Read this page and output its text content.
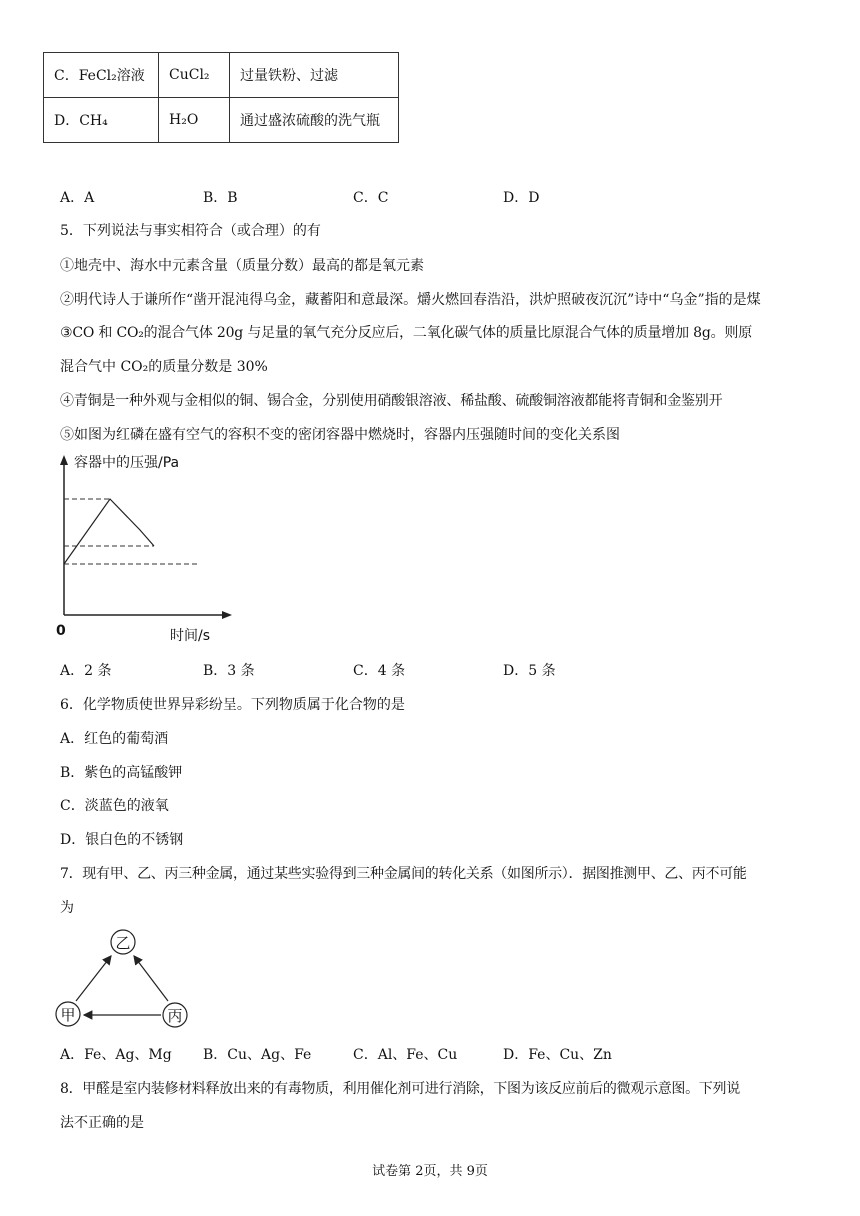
C．FeCl₂溶液	CuCl₂	过量铁粉、过滤
D．CH₄	H₂O	通过盛浓硫酸的洗气瓶
A．A	B．B	C．C	D．D
5．下列说法与事实相符合（或合理）的有
①地壳中、海水中元素含量（质量分数）最高的都是氧元素
②明代诗人于谦所作“凿开混沌得乌金，藏蓄阳和意最深。爝火燃回春浩沿，洪炉照破夜沉沉”诗中“乌金”指的是煤
③CO 和 CO₂的混合气体 20g 与足量的氧气充分反应后，二氧化碳气体的质量比原混合气体的质量增加 8g。则原
混合气中 CO₂的质量分数是 30%
④青铜是一种外观与金相似的铜、锡合金，分别使用硝酸银溶液、稀盐酸、硫酸铜溶液都能将青铜和金鉴别开
⑤如图为红磷在盛有空气的容积不变的密闭容器中燃烧时，容器内压强随时间的变化关系图
容器中的压强/Pa
时间/s
0
A．2 条	B．3 条	C．4 条	D．5 条
6．化学物质使世界异彩纷呈。下列物质属于化合物的是
A．红色的葡萄酒
B．紫色的高锰酸钾
C．淡蓝色的液氧
D．银白色的不锈钢
7．现有甲、乙、丙三种金属，通过某些实验得到三种金属间的转化关系（如图所示）．据图推测甲、乙、丙不可能
为
乙
甲	丙
A．Fe、Ag、Mg B．Cu、Ag、Fe	C．Al、Fe、Cu	D．Fe、Cu、Zn
8．甲醛是室内装修材料释放出来的有毒物质，利用催化剂可进行消除，下图为该反应前后的微观示意图。下列说
法不正确的是
试卷第 2页，共 9页
